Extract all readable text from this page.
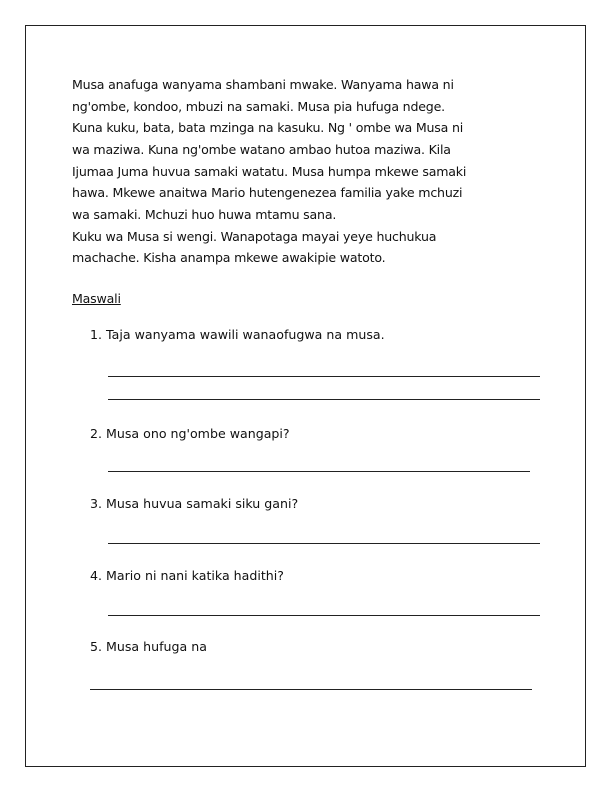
Musa anafuga wanyama shambani mwake. Wanyama hawa ni
ng'ombe, kondoo, mbuzi na samaki. Musa pia hufuga ndege.
Kuna kuku, bata, bata mzinga na kasuku. Ng ' ombe wa Musa ni
wa maziwa. Kuna ng'ombe watano ambao hutoa maziwa. Kila
Ijumaa Juma huvua samaki watatu. Musa humpa mkewe samaki
hawa. Mkewe anaitwa Mario hutengenezea familia yake mchuzi
wa samaki. Mchuzi huo huwa mtamu sana.
Kuku wa Musa si wengi. Wanapotaga mayai yeye huchukua
machache. Kisha anampa mkewe awakipie watoto.
Maswali
1. Taja wanyama wawili wanaofugwa na musa.
2. Musa ono ng'ombe wangapi?
3. Musa huvua samaki siku gani?
4. Mario ni nani katika hadithi?
5. Musa hufuga na
